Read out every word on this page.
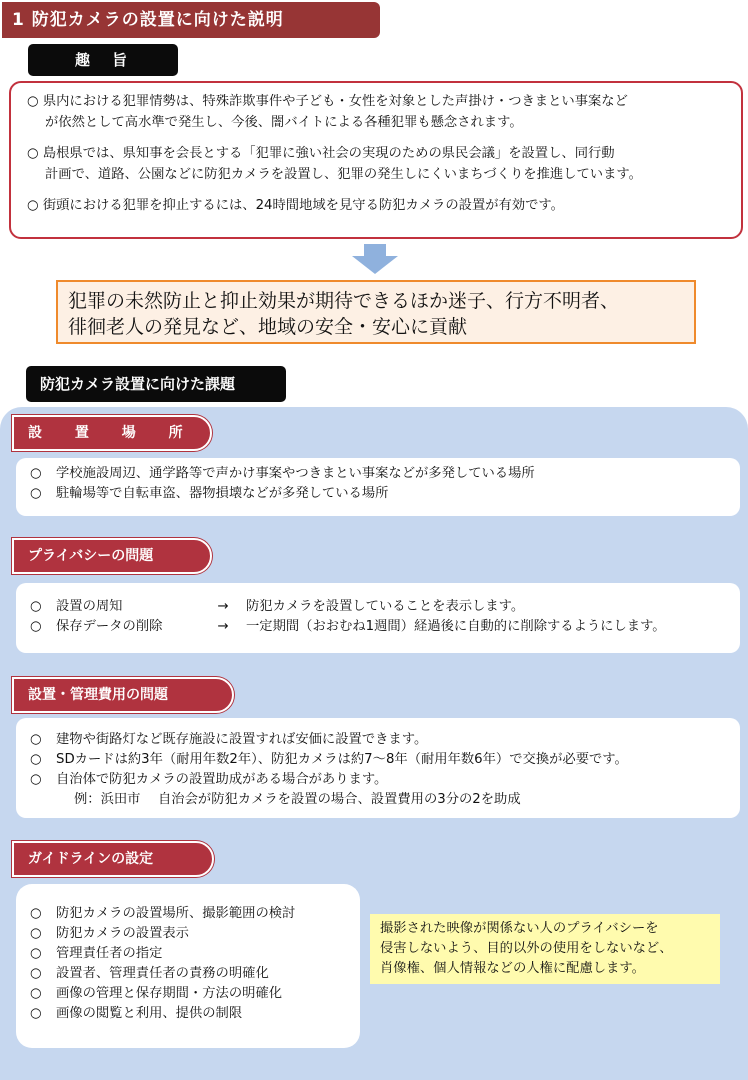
1 防犯カメラの設置に向けた説明
趣旨

○ 県内における犯罪情勢は、特殊詐欺事件や子ども・女性を対象とした声掛け・つきまとい事案など
が依然として高水準で発生し、今後、闇バイトによる各種犯罪も懸念されます。

○ 島根県では、県知事を会長とする「犯罪に強い社会の実現のための県民会議」を設置し、同行動
計画で、道路、公園などに防犯カメラを設置し、犯罪の発生しにくいまちづくりを推進しています。

○ 街頭における犯罪を抑止するには、24時間地域を見守る防犯カメラの設置が有効です。

犯罪の未然防止と抑止効果が期待できるほか迷子、行方不明者、
徘徊老人の発見など、地域の安全・安心に貢献
防犯カメラ設置に向けた課題
設 置 場 所
○ 学校施設周辺、通学路等で声かけ事案やつきまとい事案などが多発している場所
○ 駐輪場等で自転車盗、器物損壊などが多発している場所
プライバシーの問題
○ 設置の周知	→ 防犯カメラを設置していることを表示します。
○ 保存データの削除	→ 一定期間（おおむね1週間）経過後に自動的に削除するようにします。
設置・管理費用の問題
○ 建物や街路灯など既存施設に設置すれば安価に設置できます。
○ SDカードは約3年（耐用年数2年）、防犯カメラは約7～8年（耐用年数6年）で交換が必要です。
○ 自治体で防犯カメラの設置助成がある場合があります。
例：浜田市　 自治会が防犯カメラを設置の場合、設置費用の3分の2を助成
ガイドラインの設定
○ 防犯カメラの設置場所、撮影範囲の検討
○ 防犯カメラの設置表示
○ 管理責任者の指定
○ 設置者、管理責任者の責務の明確化
○ 画像の管理と保存期間・方法の明確化
○ 画像の閲覧と利用、提供の制限
撮影された映像が関係ない人のプライバシーを
侵害しないよう、目的以外の使用をしないなど、
肖像権、個人情報などの人権に配慮します。
